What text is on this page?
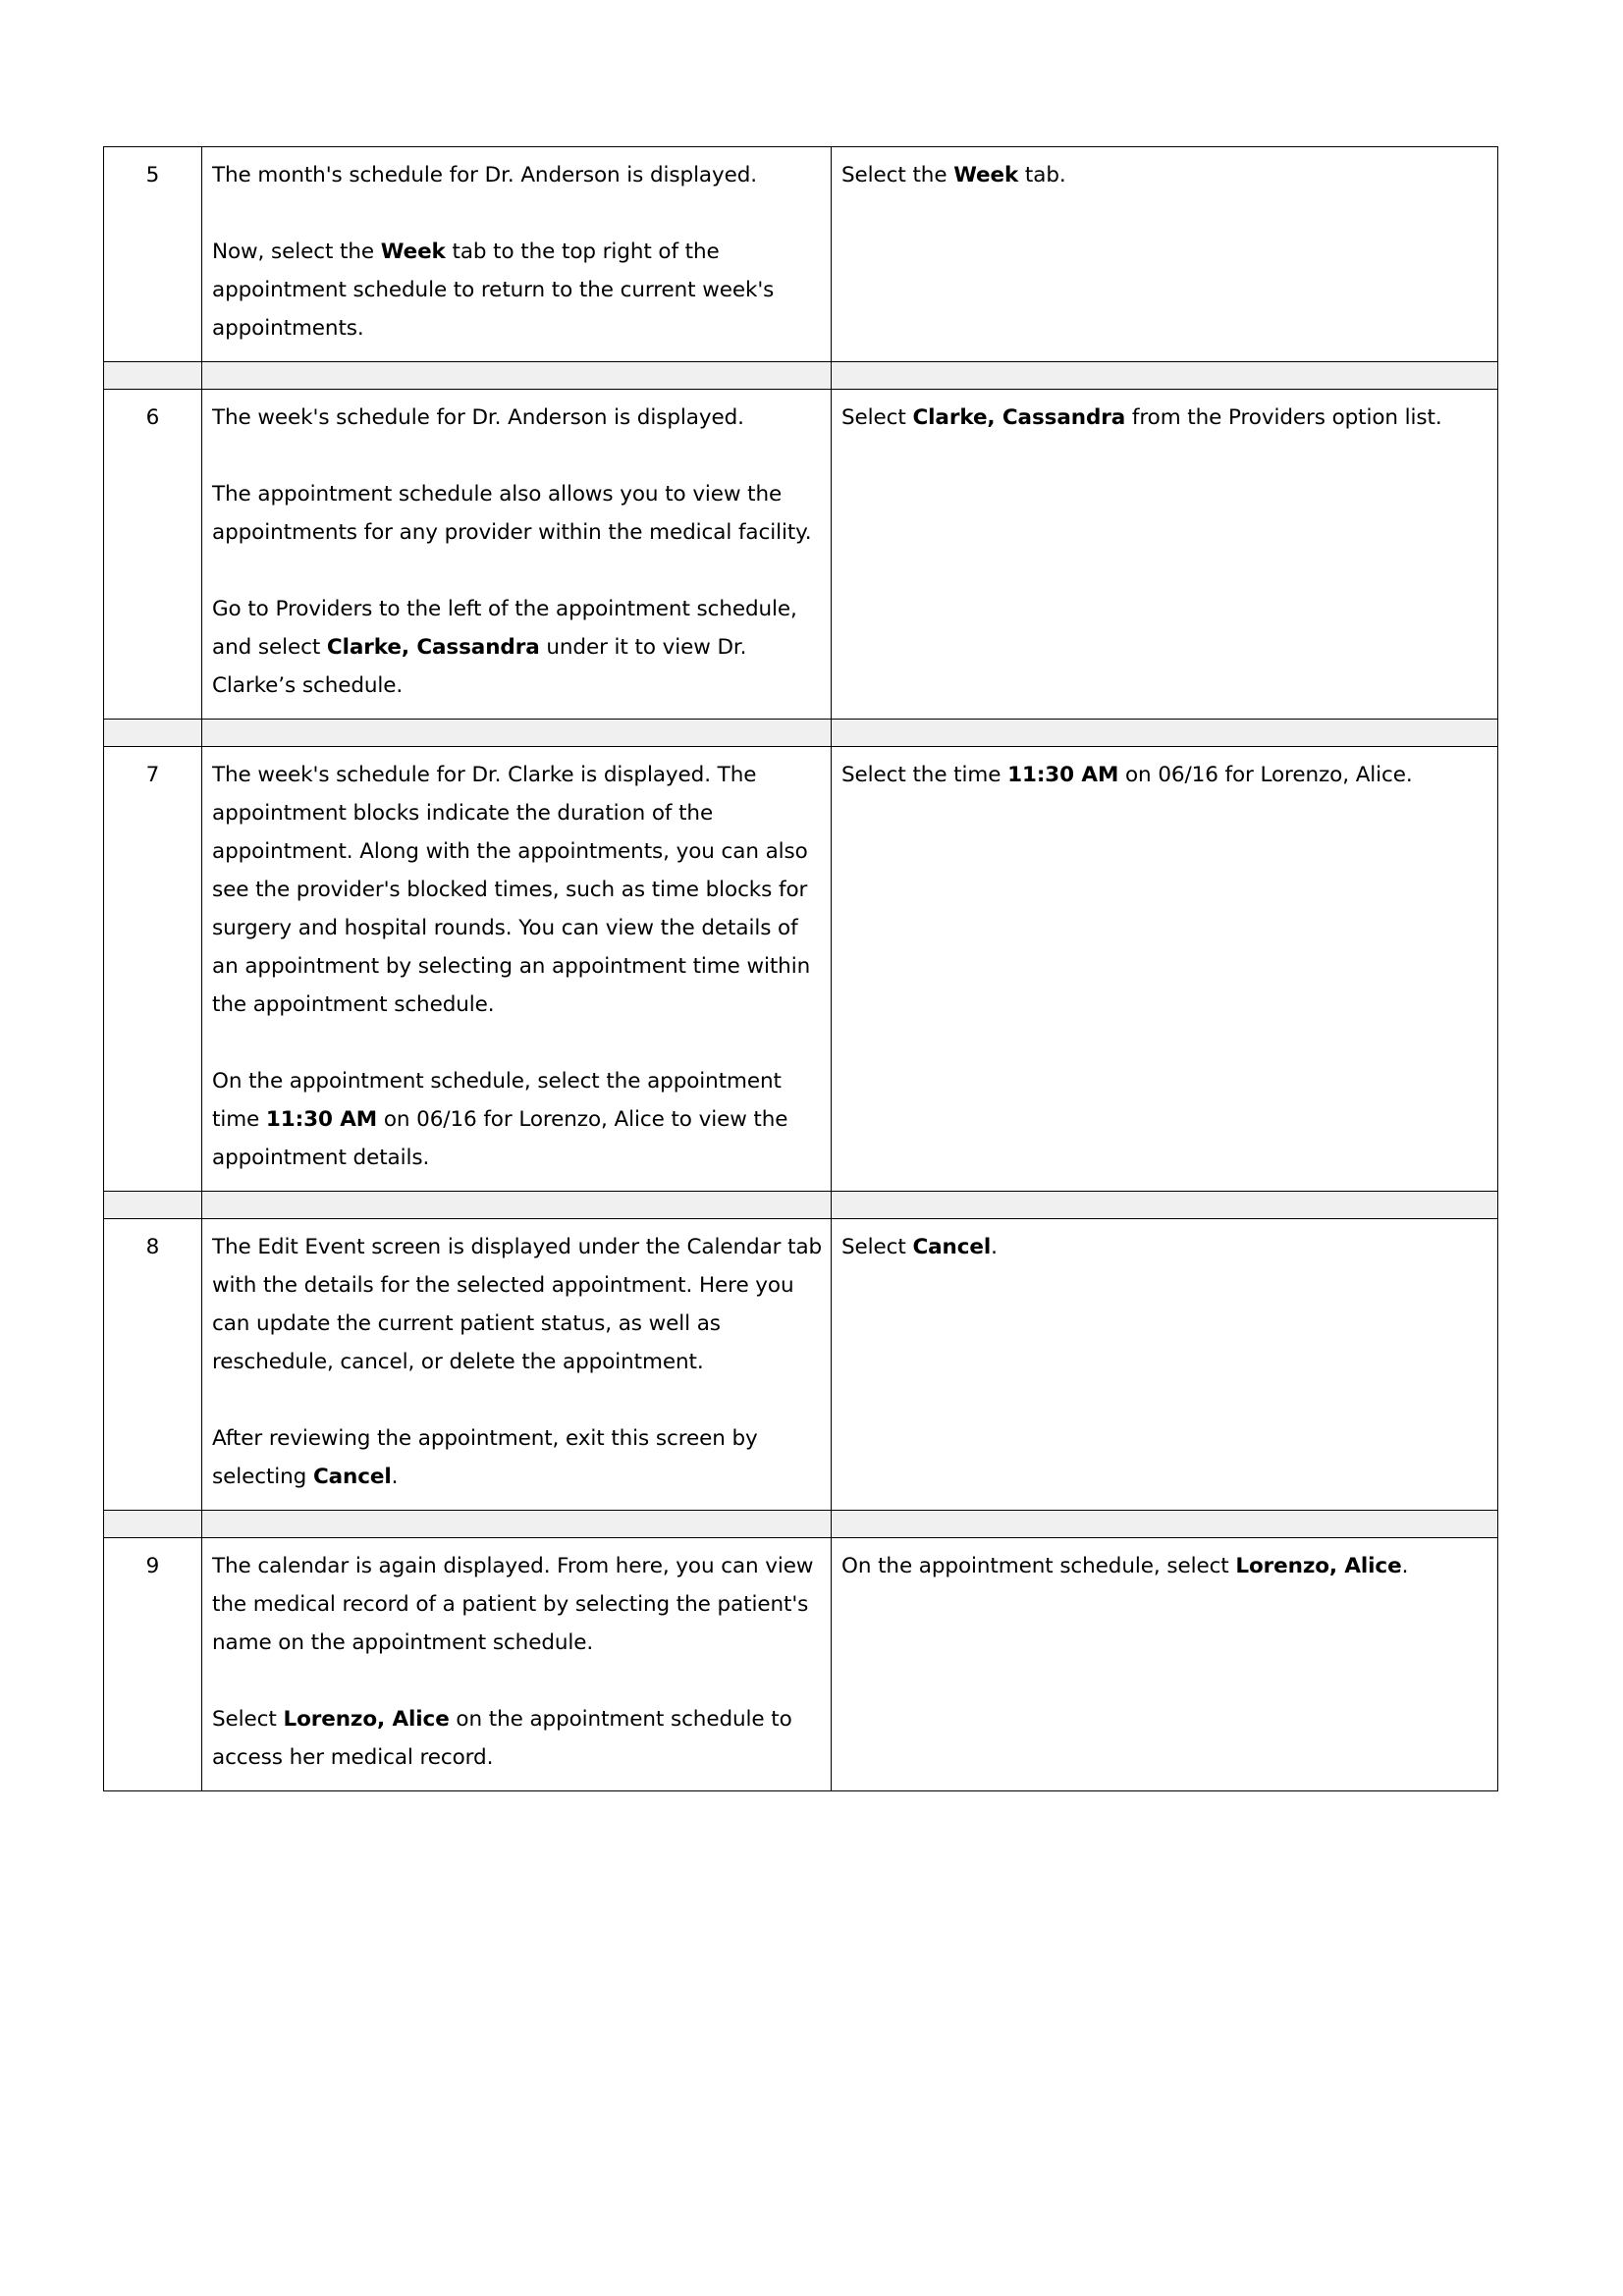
5	The month's schedule for Dr. Anderson is displayed.

Now, select the Week tab to the top right of the appointment schedule to return to the current week's appointments.	Select the Week tab.

6	The week's schedule for Dr. Anderson is displayed.

The appointment schedule also allows you to view the appointments for any provider within the medical facility.

Go to Providers to the left of the appointment schedule, and select Clarke, Cassandra under it to view Dr. Clarke’s schedule.	Select Clarke, Cassandra from the Providers option list.

7	The week's schedule for Dr. Clarke is displayed. The appointment blocks indicate the duration of the appointment. Along with the appointments, you can also see the provider's blocked times, such as time blocks for surgery and hospital rounds. You can view the details of an appointment by selecting an appointment time within the appointment schedule.

On the appointment schedule, select the appointment time 11:30 AM on 06/16 for Lorenzo, Alice to view the appointment details.	Select the time 11:30 AM on 06/16 for Lorenzo, Alice.

8	The Edit Event screen is displayed under the Calendar tab with the details for the selected appointment. Here you can update the current patient status, as well as reschedule, cancel, or delete the appointment.

After reviewing the appointment, exit this screen by selecting Cancel.	Select Cancel.

9	The calendar is again displayed. From here, you can view the medical record of a patient by selecting the patient's name on the appointment schedule.

Select Lorenzo, Alice on the appointment schedule to access her medical record.	On the appointment schedule, select Lorenzo, Alice.
